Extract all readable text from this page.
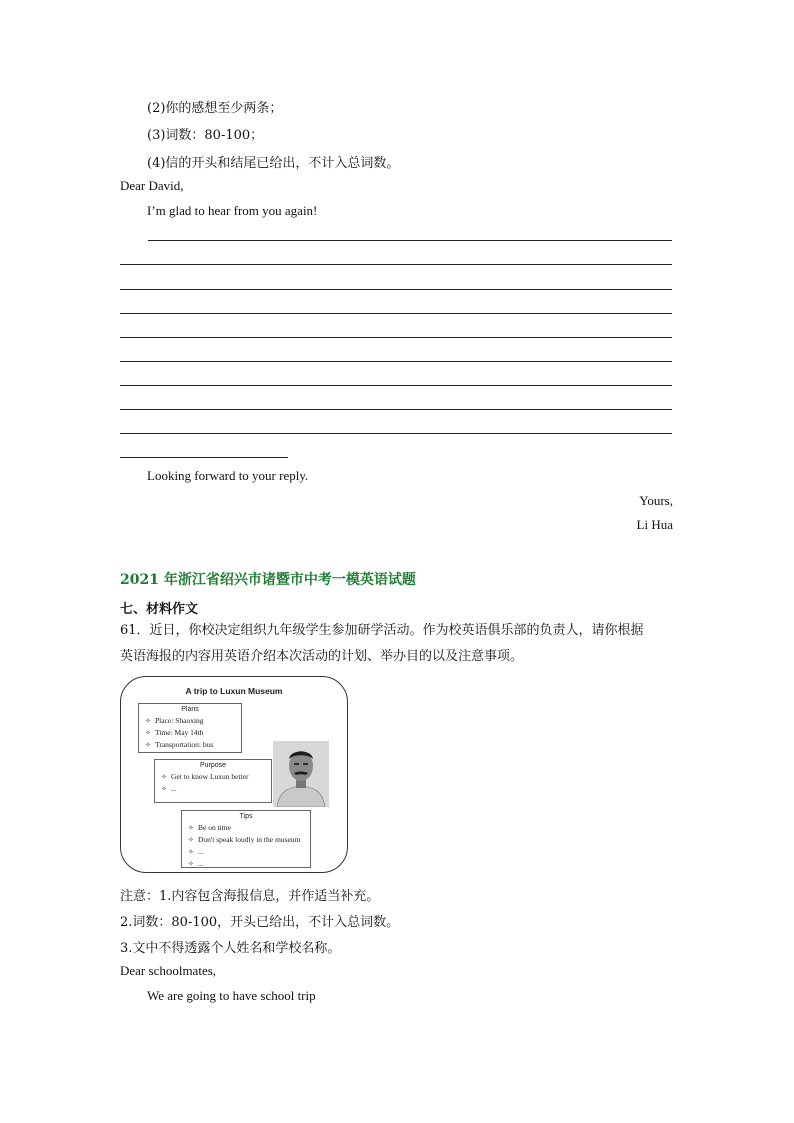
(2)你的感想至少两条；
(3)词数：80-100；
(4)信的开头和结尾已给出，不计入总词数。
Dear David,
I’m glad to hear from you again!
Looking forward to your reply.
Yours,
Li Hua
2021 年浙江省绍兴市诸暨市中考一模英语试题
七、材料作文
61．近日，你校决定组织九年级学生参加研学活动。作为校英语俱乐部的负责人，请你根据
英语海报的内容用英语介绍本次活动的计划、举办目的以及注意事项。
A trip to Luxun Museum
Plans
✧ Place: Shaoxing
✧ Time: May 14th
✧ Transportation: bus
Purpose
✧ Get to know Luxun better
✧ ...
Tips
✧ Be on time
✧ Don't speak loudly in the museum
✧ ...
✧ ...
注意：1.内容包含海报信息，并作适当补充。
2.词数：80-100，开头已给出，不计入总词数。
3.文中不得透露个人姓名和学校名称。
Dear schoolmates,
We are going to have school trip
